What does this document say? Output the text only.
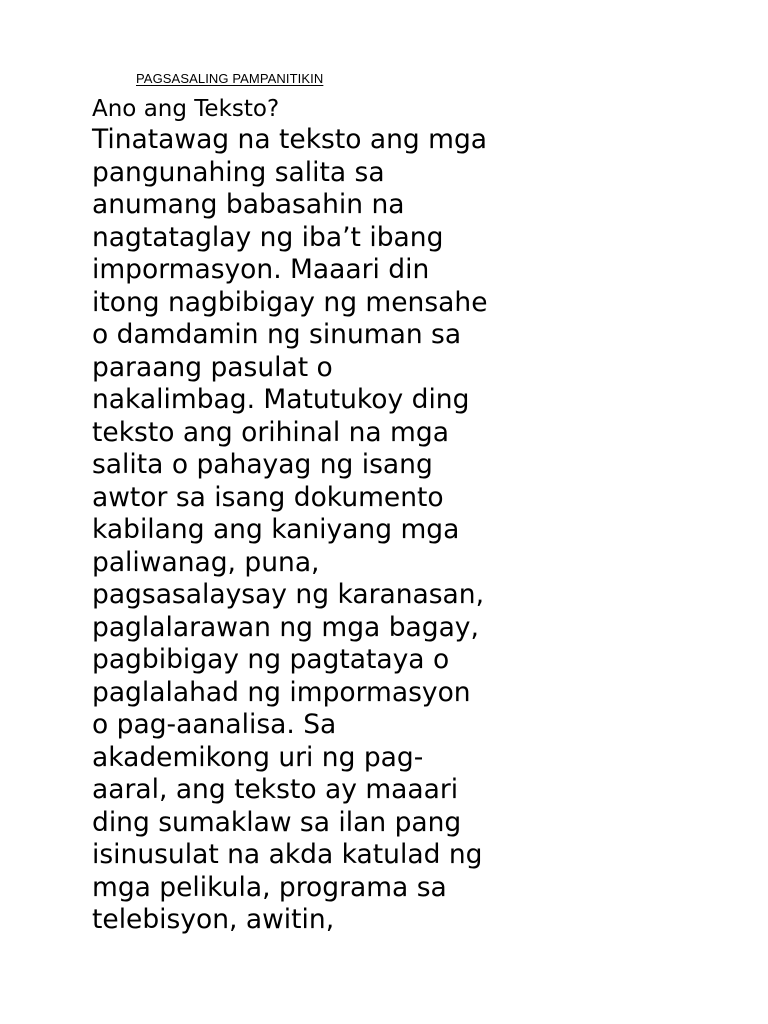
PAGSASALING PAMPANITIKIN
Ano ang Teksto?
Tinatawag na teksto ang mga
pangunahing salita sa
anumang babasahin na
nagtataglay ng iba’t ibang
impormasyon. Maaari din
itong nagbibigay ng mensahe
o damdamin ng sinuman sa
paraang pasulat o
nakalimbag. Matutukoy ding
teksto ang orihinal na mga
salita o pahayag ng isang
awtor sa isang dokumento
kabilang ang kaniyang mga
paliwanag, puna,
pagsasalaysay ng karanasan,
paglalarawan ng mga bagay,
pagbibigay ng pagtataya o
paglalahad ng impormasyon
o pag-aanalisa. Sa
akademikong uri ng pag-
aaral, ang teksto ay maaari
ding sumaklaw sa ilan pang
isinusulat na akda katulad ng
mga pelikula, programa sa
telebisyon, awitin,
